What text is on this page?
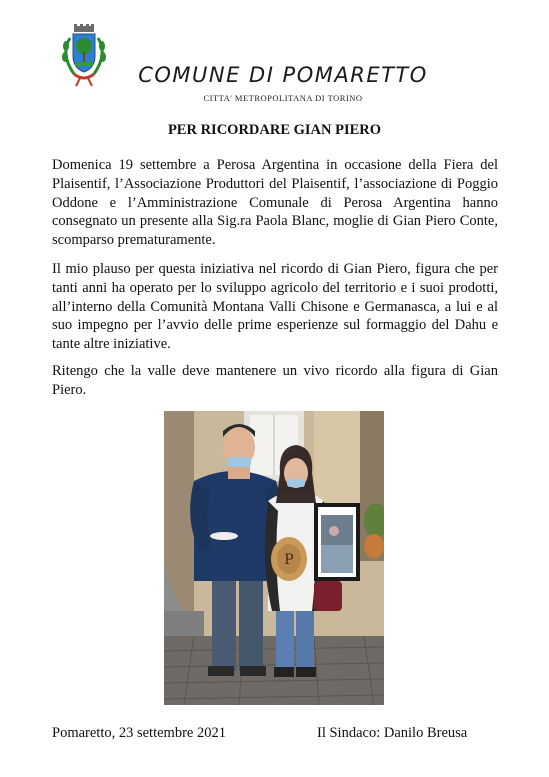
COMUNE DI POMARETTO
CITTA' METROPOLITANA DI TORINO
PER RICORDARE GIAN PIERO

Domenica 19 settembre a Perosa Argentina in occasione della Fiera del Plaisentif, l’Associazione Produttori del Plaisentif, l’associazione di Poggio Oddone e l’Amministrazione Comunale di Perosa Argentina hanno consegnato un presente alla Sig.ra Paola Blanc, moglie di Gian Piero Conte, scomparso prematuramente.

Il mio plauso per questa iniziativa nel ricordo di Gian Piero, figura che per tanti anni ha operato per lo sviluppo agricolo del territorio e i suoi prodotti, all’interno della Comunità Montana Valli Chisone e Germanasca, a lui e al suo impegno per l’avvio delle prime esperienze sul formaggio del Dahu e tante altre iniziative.

Ritengo che la valle deve mantenere un vivo ricordo alla figura di Gian Piero.

P
Pomaretto, 23 settembre 2021	Il Sindaco: Danilo Breusa
